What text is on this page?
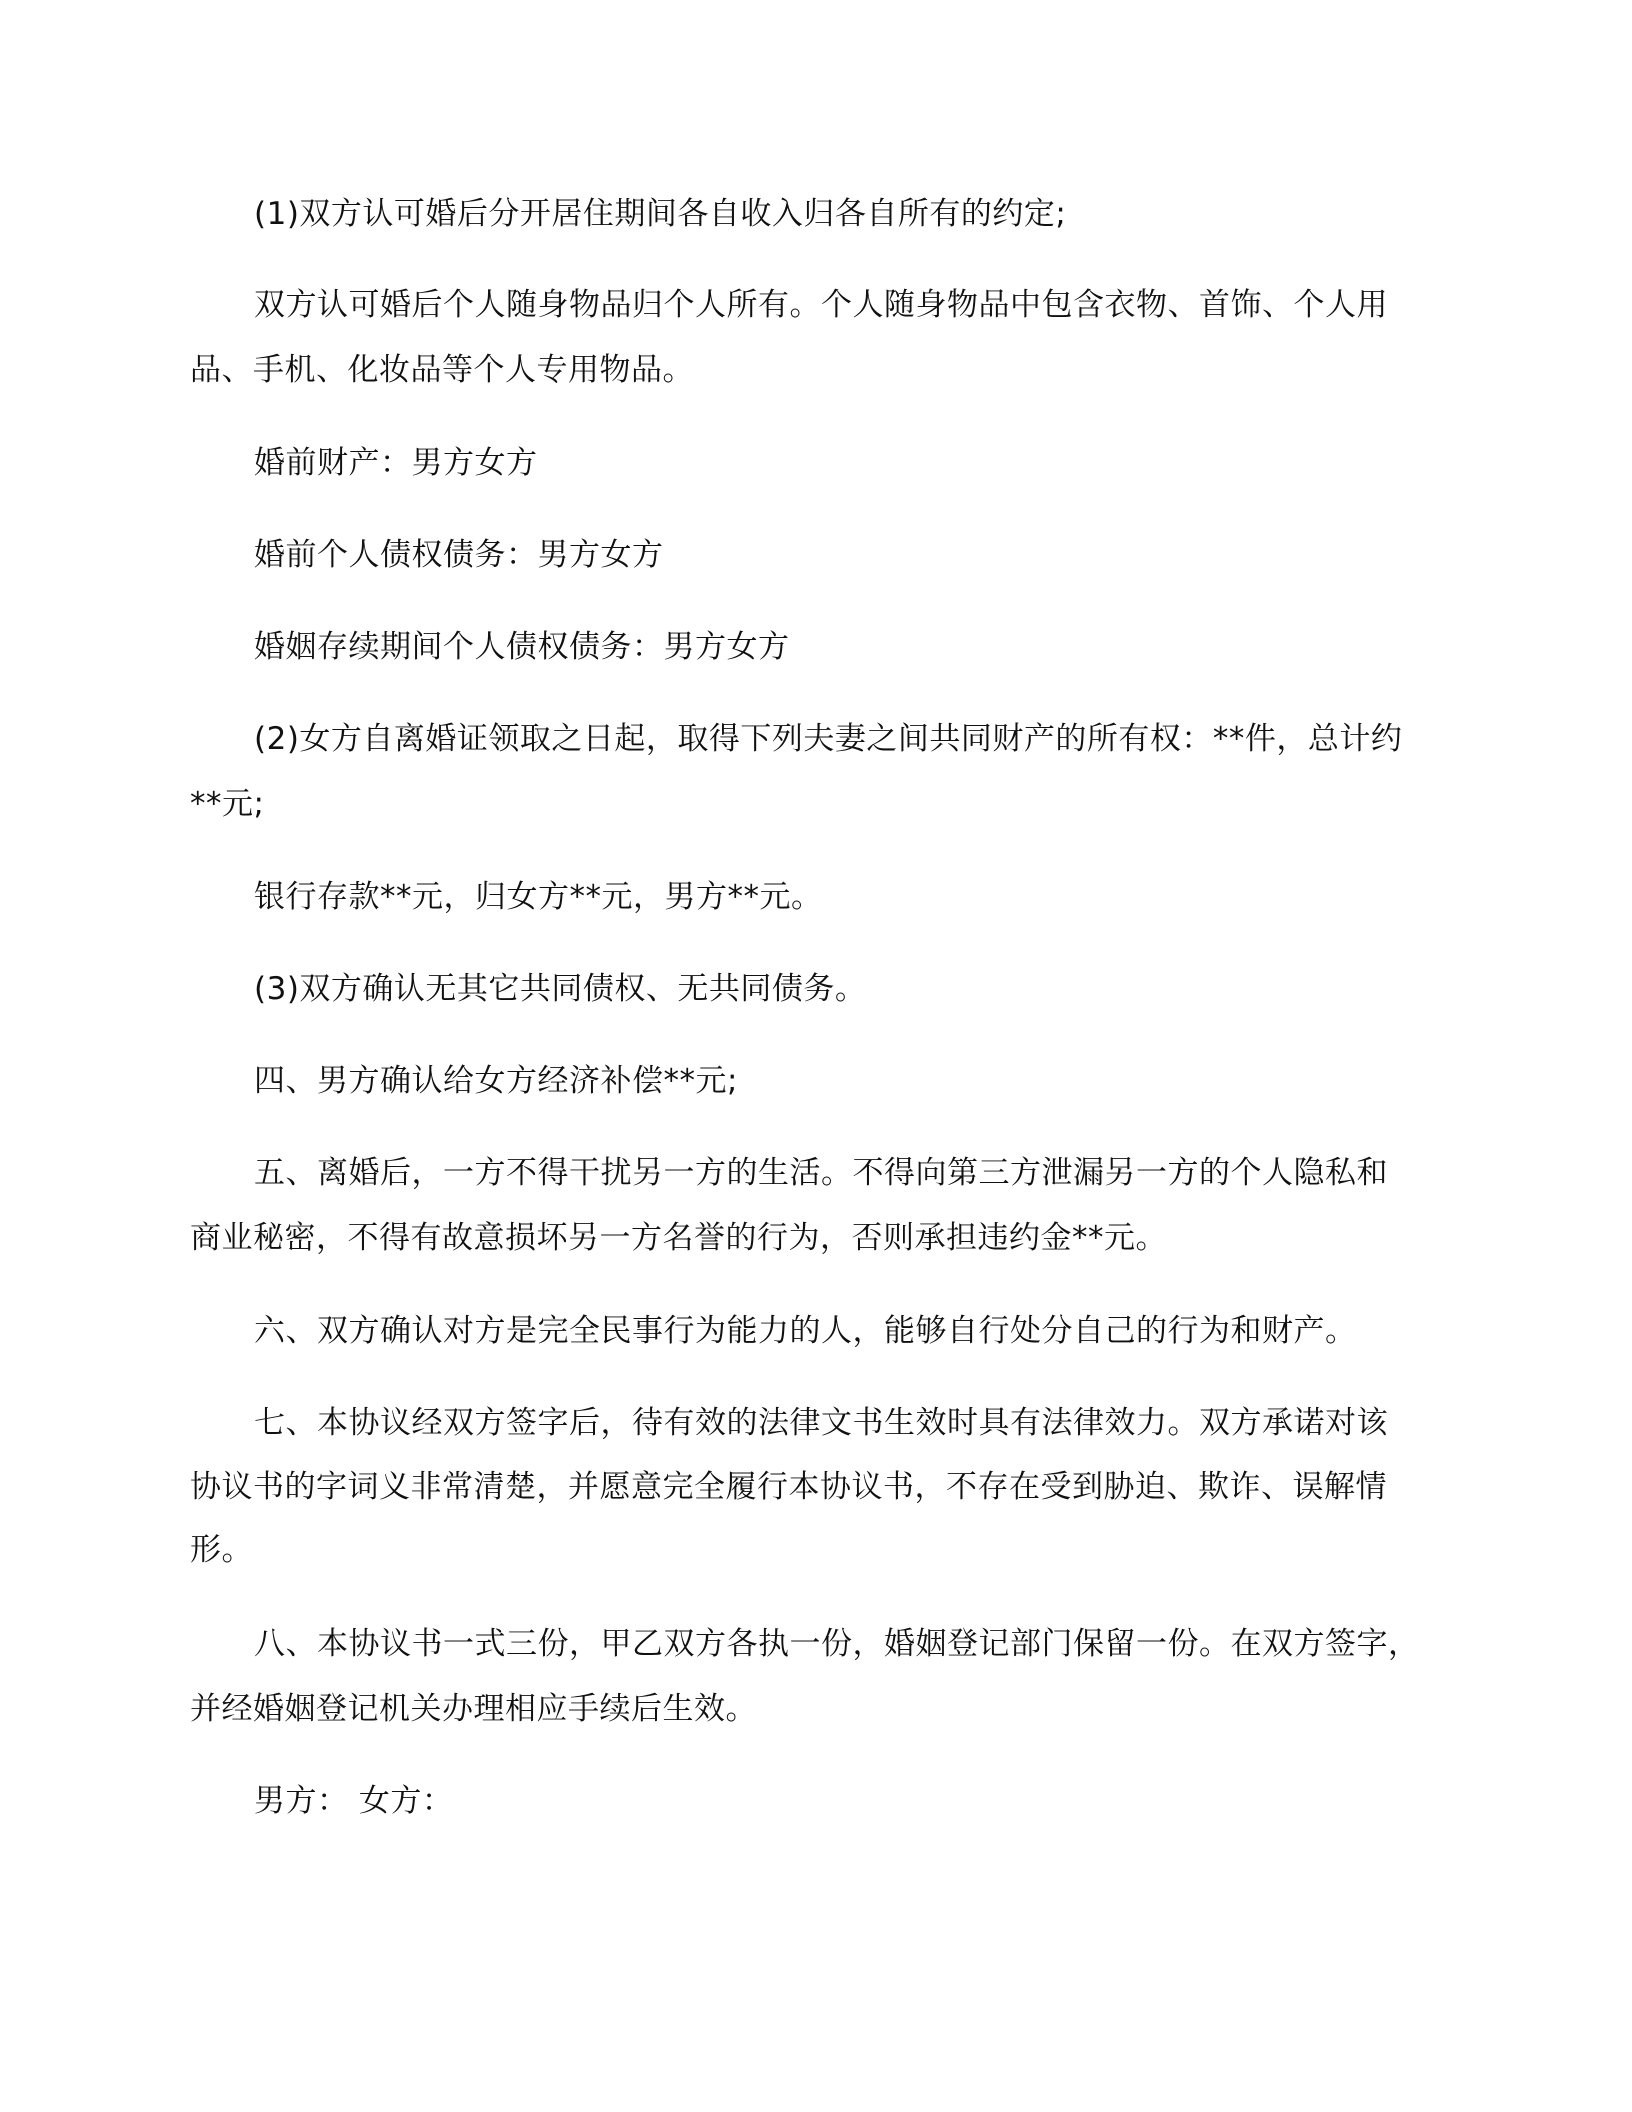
(1)双方认可婚后分开居住期间各自收入归各自所有的约定;

双方认可婚后个人随身物品归个人所有。个人随身物品中包含衣物、首饰、个人用

品、手机、化妆品等个人专用物品。

婚前财产：男方女方

婚前个人债权债务：男方女方

婚姻存续期间个人债权债务：男方女方

(2)女方自离婚证领取之日起，取得下列夫妻之间共同财产的所有权：**件，总计约

**元;

银行存款**元，归女方**元，男方**元。

(3)双方确认无其它共同债权、无共同债务。

四、男方确认给女方经济补偿**元;

五、离婚后，一方不得干扰另一方的生活。不得向第三方泄漏另一方的个人隐私和

商业秘密，不得有故意损坏另一方名誉的行为，否则承担违约金**元。

六、双方确认对方是完全民事行为能力的人，能够自行处分自己的行为和财产。

七、本协议经双方签字后，待有效的法律文书生效时具有法律效力。双方承诺对该

协议书的字词义非常清楚，并愿意完全履行本协议书，不存在受到胁迫、欺诈、误解情

形。

八、本协议书一式三份，甲乙双方各执一份，婚姻登记部门保留一份。在双方签字，

并经婚姻登记机关办理相应手续后生效。

男方： 女方：
